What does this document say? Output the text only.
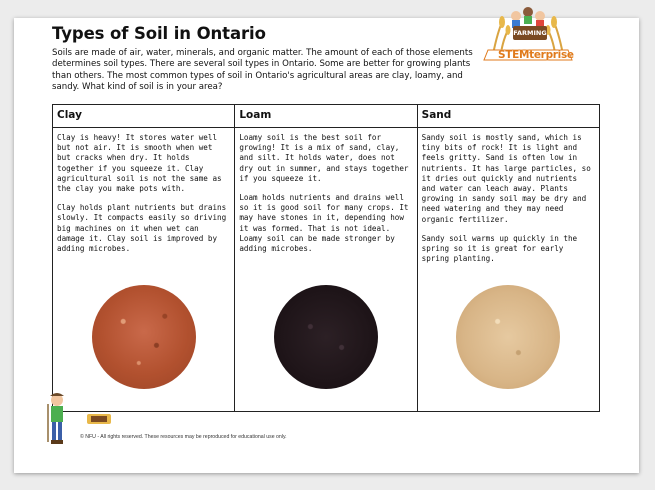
Types of Soil in Ontario

Soils are made of air, water, minerals, and organic matter. The amount of each of those elements determines soil types. There are several soil types in Ontario. Some are better for growing plants than others. The most common types of soil in Ontario's agricultural areas are clay, loamy, and sandy. What kind of soil is in your area?

FARMING
STEMterprise
Clay

Clay is heavy! It stores water well but not air. It is smooth when wet but cracks when dry. It holds together if you squeeze it. Clay agricultural soil is not the same as the clay you make pots with.

Clay holds plant nutrients but drains slowly. It compacts easily so driving big machines on it when wet can damage it. Clay soil is improved by adding microbes.

Loam

Loamy soil is the best soil for growing! It is a mix of sand, clay, and silt. It holds water, does not dry out in summer, and stays together if you squeeze it.

Loam holds nutrients and drains well so it is good soil for many crops. It may have stones in it, depending how it was formed. That is not ideal. Loamy soil can be made stronger by adding microbes.

Sand

Sandy soil is mostly sand, which is tiny bits of rock! It is light and feels gritty. Sand is often low in nutrients. It has large particles, so it dries out quickly and nutrients and water can leach away. Plants growing in sandy soil may be dry and need watering and they may need organic fertilizer.

Sandy soil warms up quickly in the spring so it is great for early spring planting.

© NFU - All rights reserved. These resources may be reproduced for educational use only.
